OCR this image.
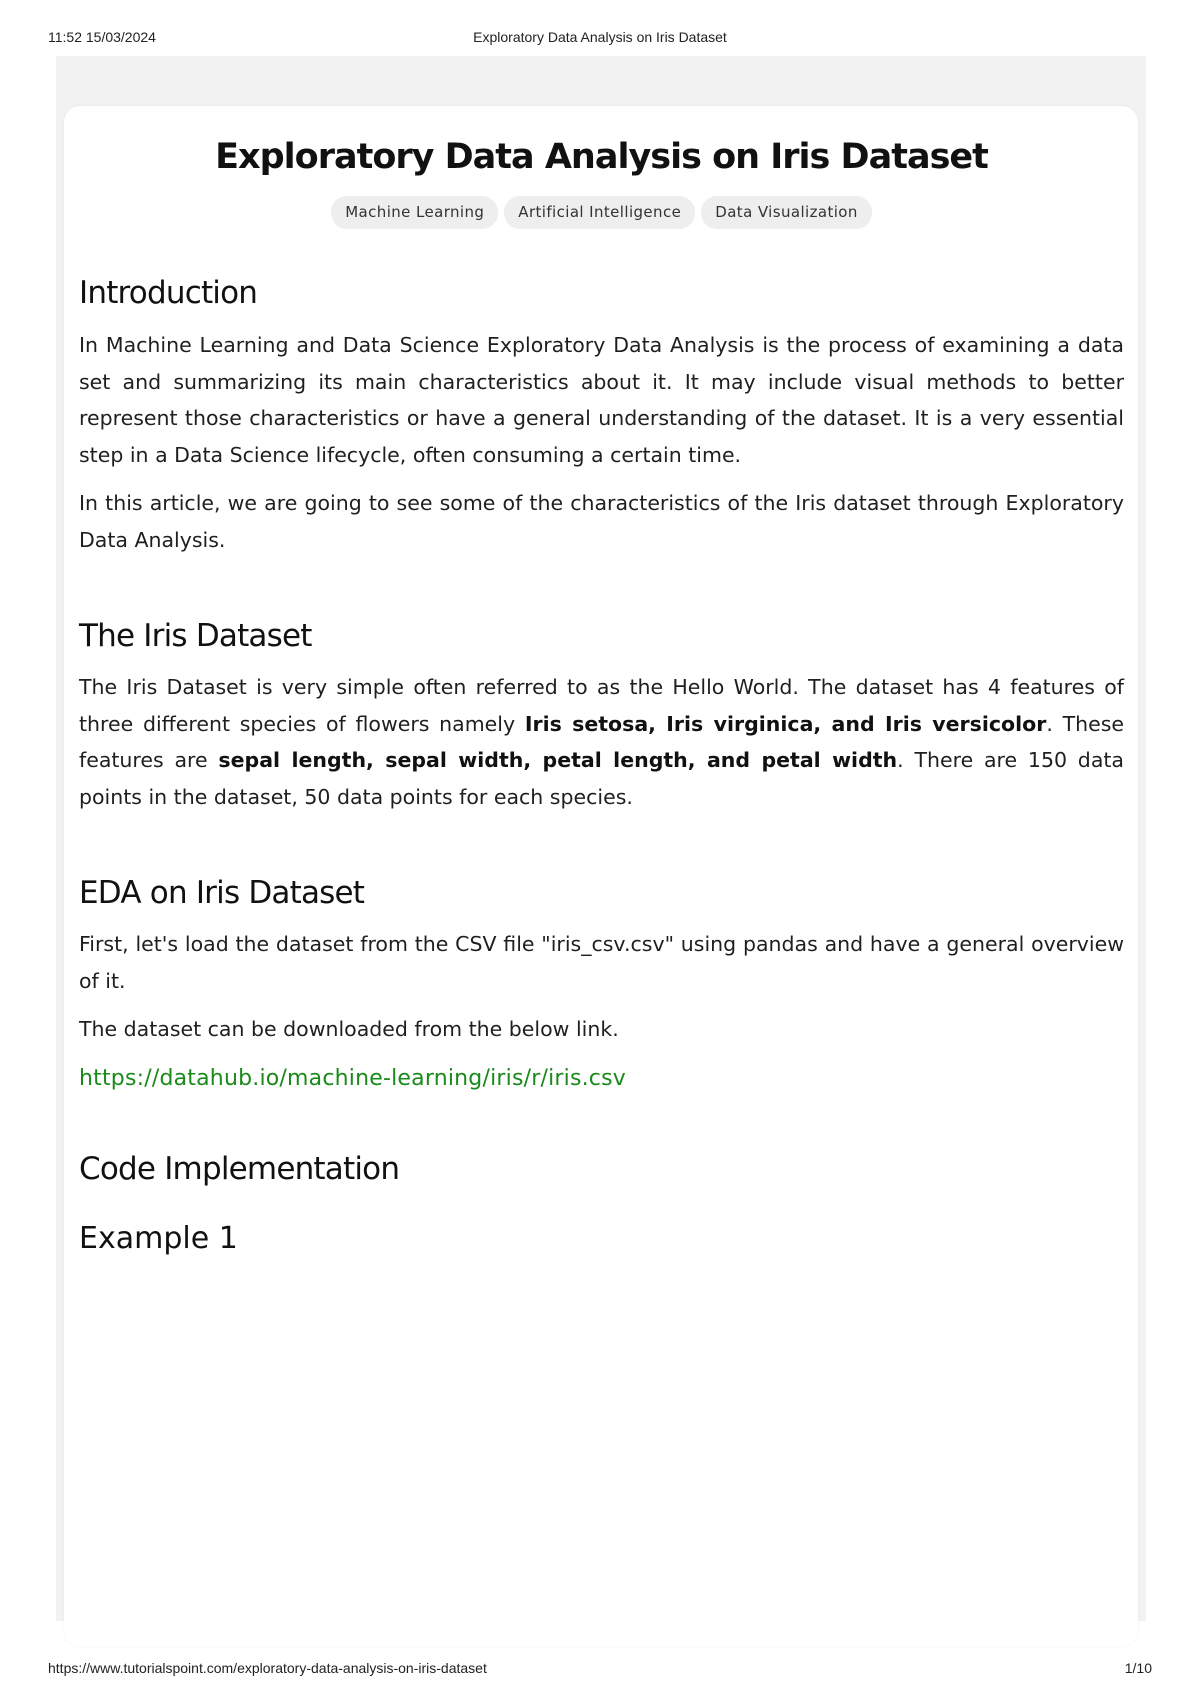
11:52 15/03/2024	Exploratory Data Analysis on Iris Dataset
Exploratory Data Analysis on Iris Dataset
Machine Learning Artificial Intelligence Data Visualization
Introduction

In Machine Learning and Data Science Exploratory Data Analysis is the process of examining a data set and summarizing its main characteristics about it. It may include visual methods to better represent those characteristics or have a general understanding of the dataset. It is a very essential step in a Data Science lifecycle, often consuming a certain time.

In this article, we are going to see some of the characteristics of the Iris dataset through Exploratory Data Analysis.

The Iris Dataset

The Iris Dataset is very simple often referred to as the Hello World. The dataset has 4 features of three different species of flowers namely Iris setosa, Iris virginica, and Iris versicolor. These features are sepal length, sepal width, petal length, and petal width. There are 150 data points in the dataset, 50 data points for each species.

EDA on Iris Dataset

First, let's load the dataset from the CSV file "iris_csv.csv" using pandas and have a general overview of it.

The dataset can be downloaded from the below link.

https://datahub.io/machine-learning/iris/r/iris.csv

Code Implementation
Example 1
https://www.tutorialspoint.com/exploratory-data-analysis-on-iris-dataset	1/10
